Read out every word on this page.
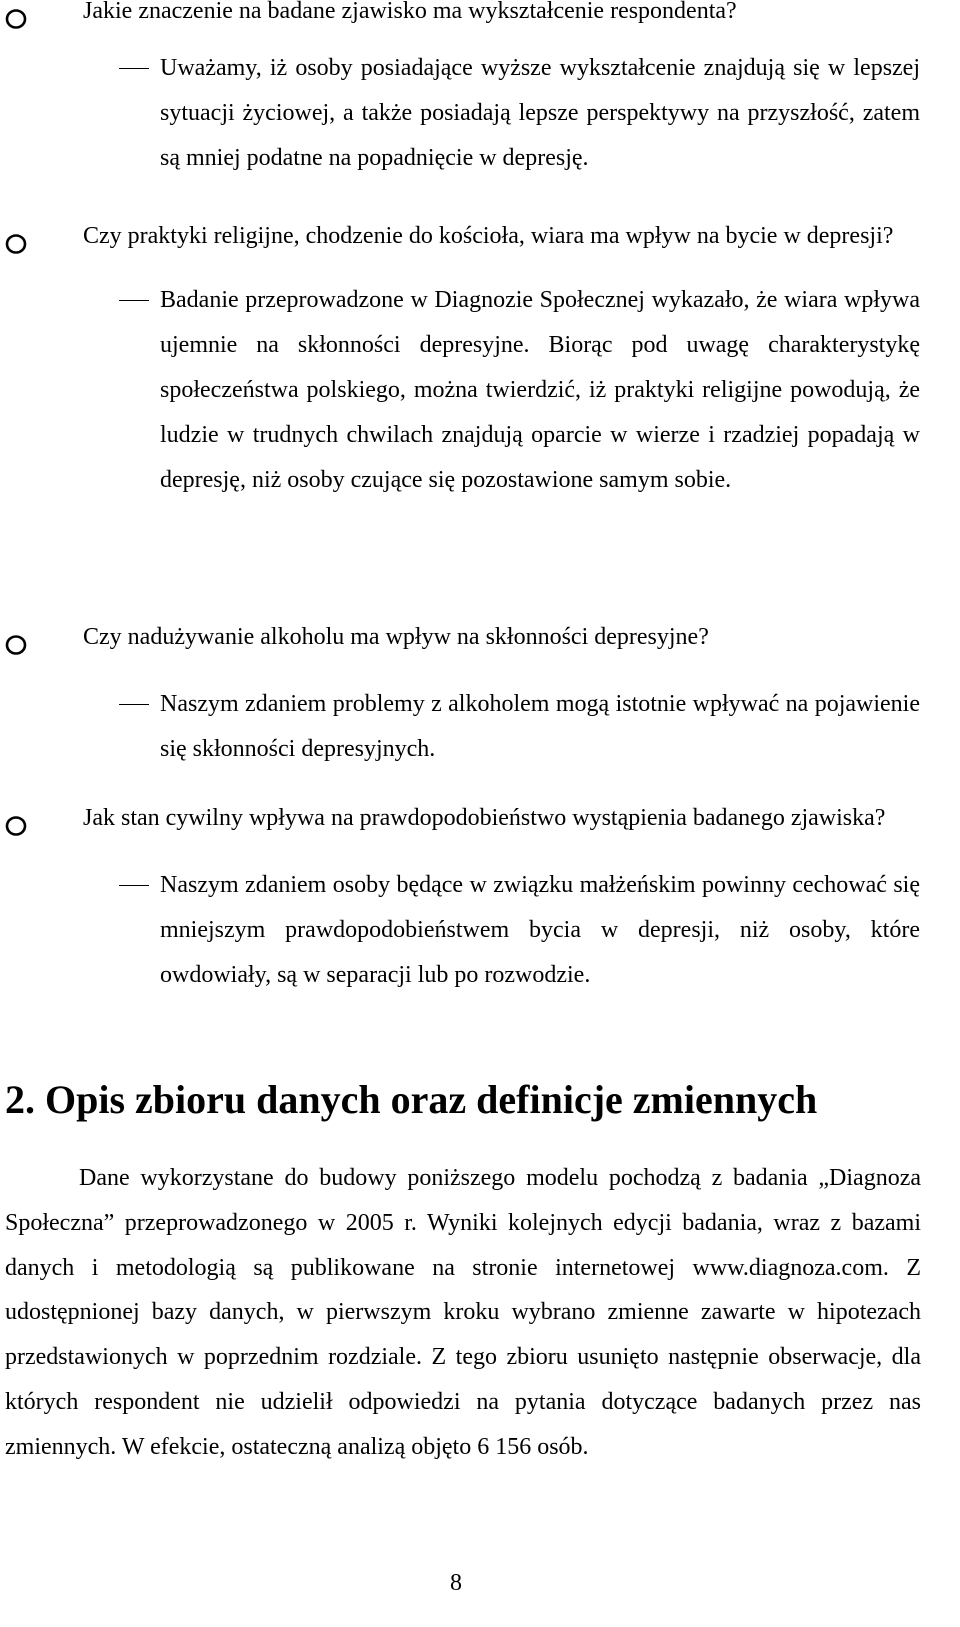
Jakie znaczenie na badane zjawisko ma wykształcenie respondenta?
Uważamy, iż osoby posiadające wyższe wykształcenie znajdują się w lepszej sytuacji życiowej, a także posiadają lepsze perspektywy na przyszłość, zatem są mniej podatne na popadnięcie w depresję.
Czy praktyki religijne, chodzenie do kościoła, wiara ma wpływ na bycie w depresji?
Badanie przeprowadzone w Diagnozie Społecznej wykazało, że wiara wpływa ujemnie na skłonności depresyjne. Biorąc pod uwagę charakterystykę społeczeństwa polskiego, można twierdzić, iż praktyki religijne powodują, że ludzie w trudnych chwilach znajdują oparcie w wierze i rzadziej popadają w depresję, niż osoby czujące się pozostawione samym sobie.
Czy nadużywanie alkoholu ma wpływ na skłonności depresyjne?
Naszym zdaniem problemy z alkoholem mogą istotnie wpływać na pojawienie się skłonności depresyjnych.
Jak stan cywilny wpływa na prawdopodobieństwo wystąpienia badanego zjawiska?
Naszym zdaniem osoby będące w związku małżeńskim powinny cechować się mniejszym prawdopodobieństwem bycia w depresji, niż osoby, które owdowiały, są w separacji lub po rozwodzie.
2. Opis zbioru danych oraz definicje zmiennych

Dane wykorzystane do budowy poniższego modelu pochodzą z badania „Diagnoza Społeczna” przeprowadzonego w 2005 r. Wyniki kolejnych edycji badania, wraz z bazami danych i metodologią są publikowane na stronie internetowej www.diagnoza.com. Z udostępnionej bazy danych, w pierwszym kroku wybrano zmienne zawarte w hipotezach przedstawionych w poprzednim rozdziale. Z tego zbioru usunięto następnie obserwacje, dla których respondent nie udzielił odpowiedzi na pytania dotyczące badanych przez nas zmiennych. W efekcie, ostateczną analizą objęto 6 156 osób.

8
